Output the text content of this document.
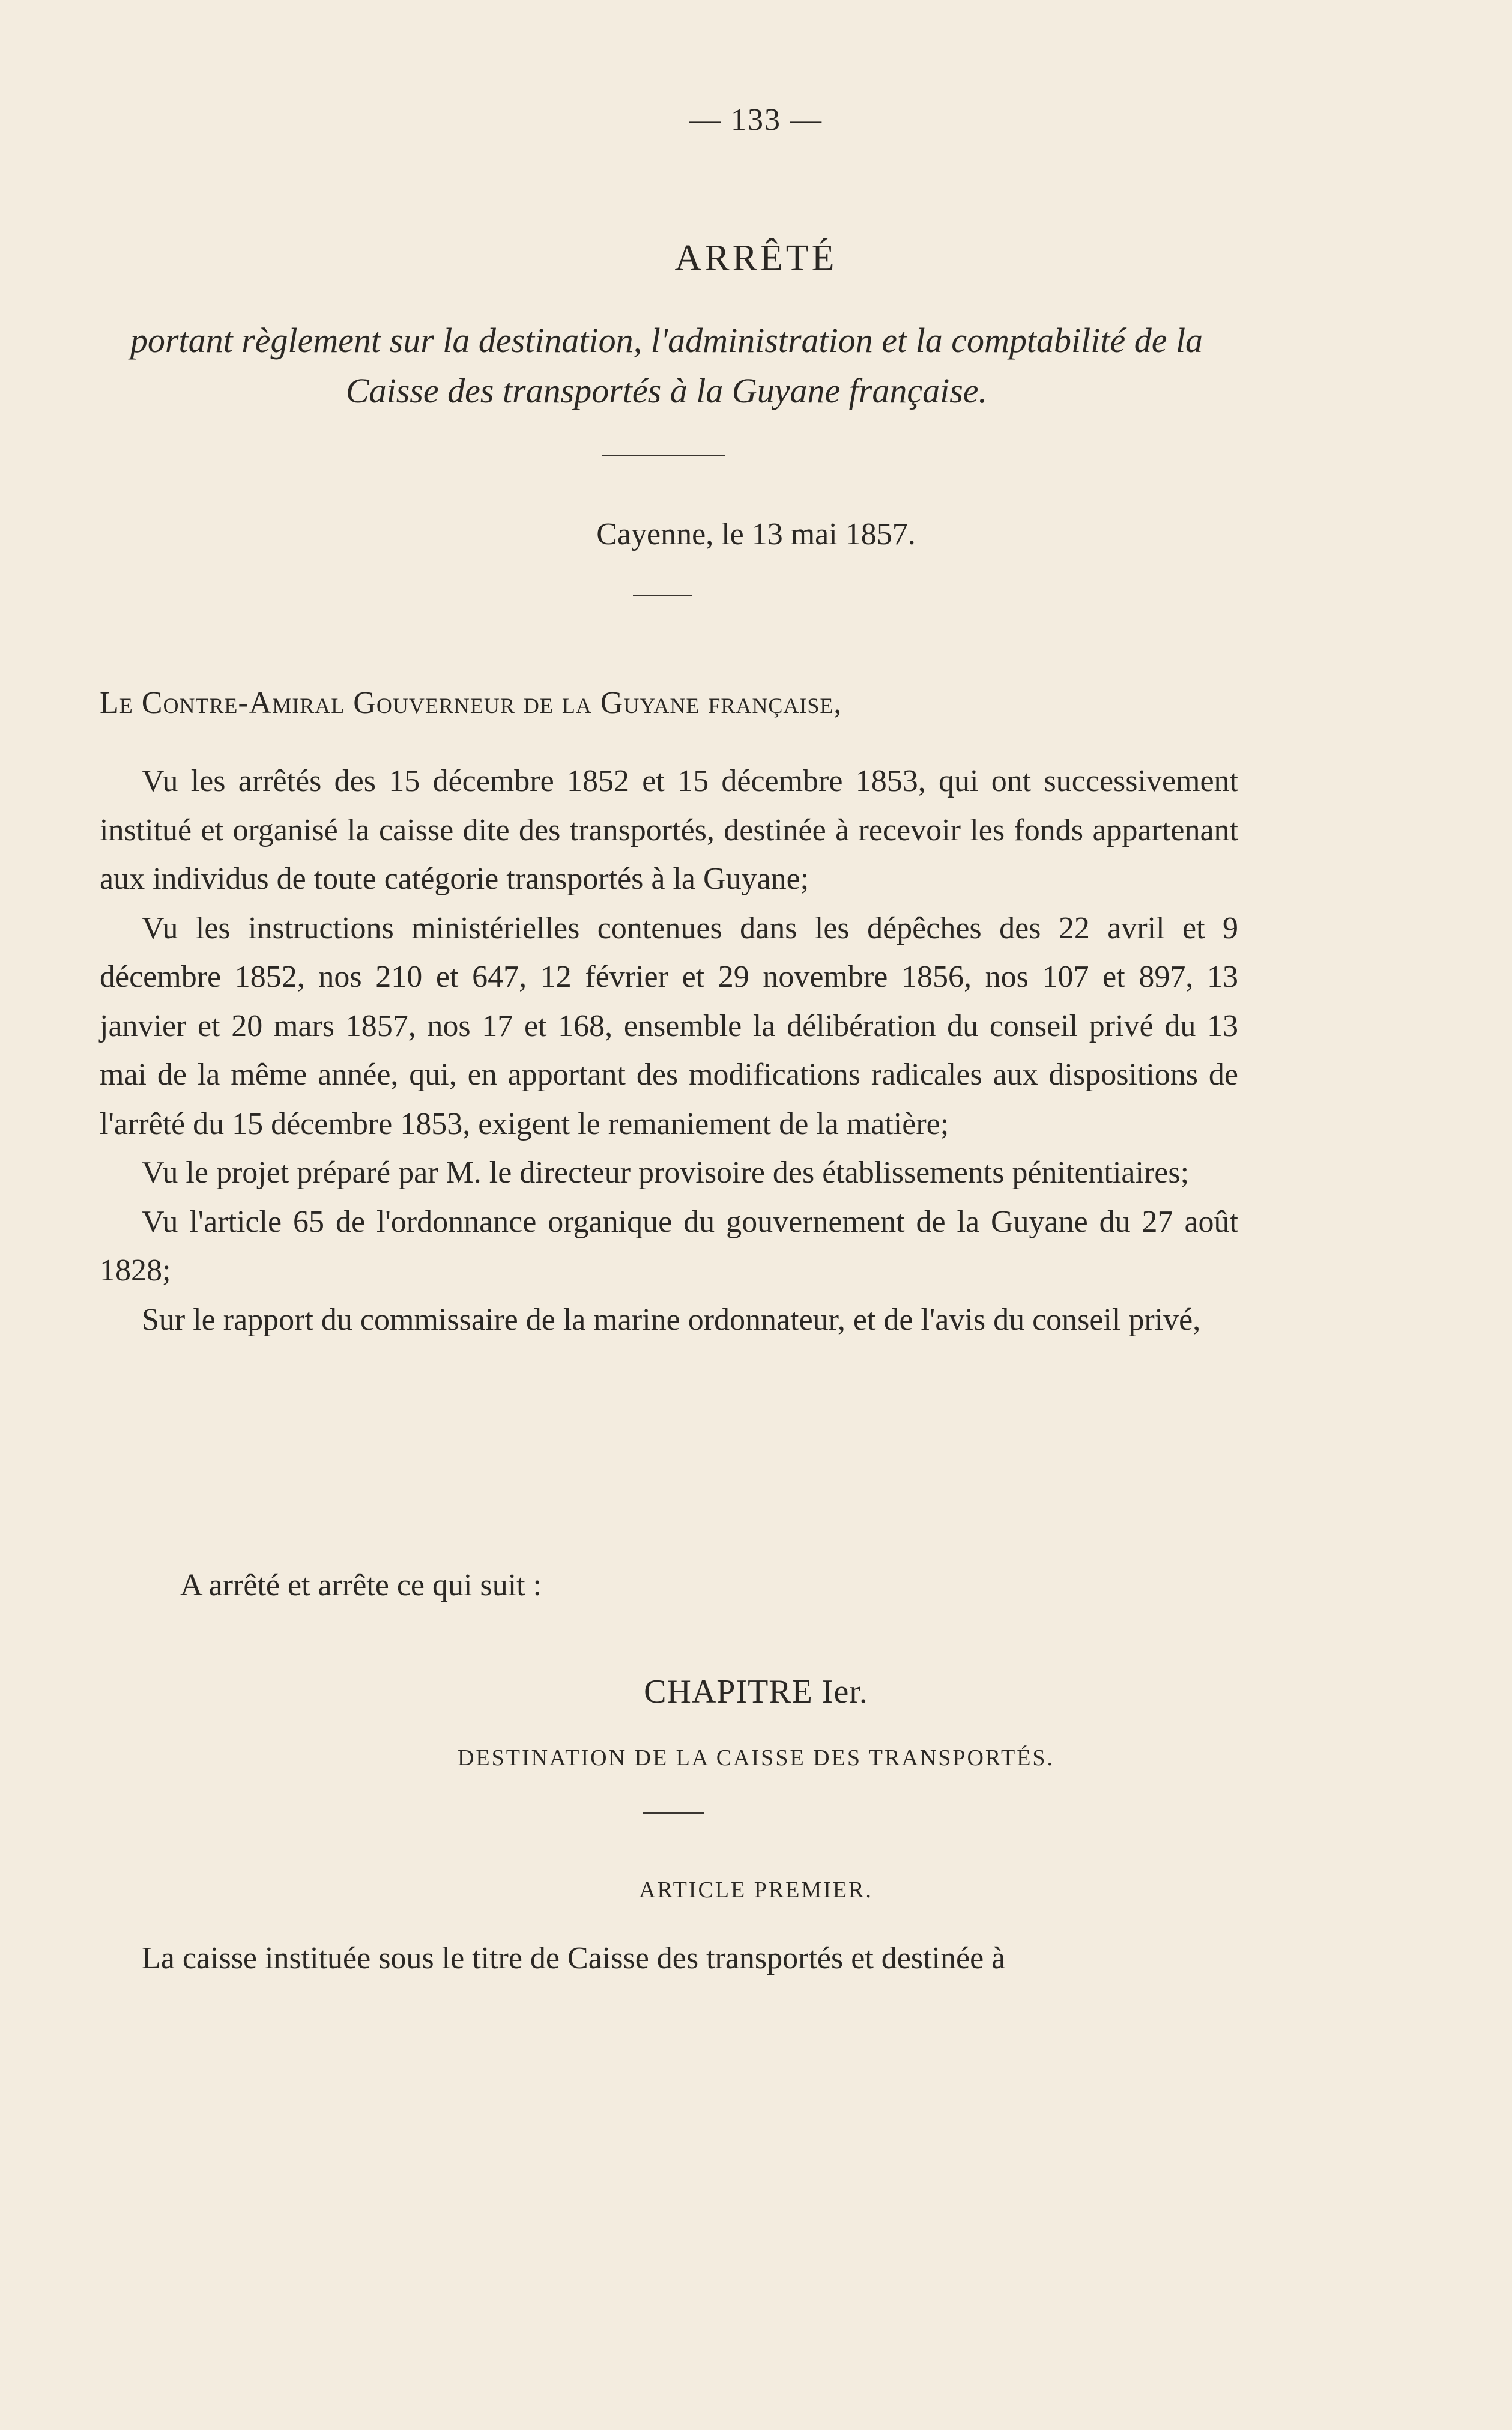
— 133 —
ARRÊTÉ
portant règlement sur la destination, l'administration et la comptabilité de la Caisse des transportés à la Guyane française.
Cayenne, le 13 mai 1857.
Le Contre-Amiral Gouverneur de la Guyane française,

Vu les arrêtés des 15 décembre 1852 et 15 décembre 1853, qui ont successivement institué et organisé la caisse dite des transportés, destinée à recevoir les fonds appartenant aux individus de toute catégorie transportés à la Guyane;

Vu les instructions ministérielles contenues dans les dépêches des 22 avril et 9 décembre 1852, nos 210 et 647, 12 février et 29 novembre 1856, nos 107 et 897, 13 janvier et 20 mars 1857, nos 17 et 168, ensemble la délibération du conseil privé du 13 mai de la même année, qui, en apportant des modifications radicales aux dispositions de l'arrêté du 15 décembre 1853, exigent le remaniement de la matière;

Vu le projet préparé par M. le directeur provisoire des établissements pénitentiaires;

Vu l'article 65 de l'ordonnance organique du gouvernement de la Guyane du 27 août 1828;

Sur le rapport du commissaire de la marine ordonnateur, et de l'avis du conseil privé,

A arrêté et arrête ce qui suit :
CHAPITRE Ier.
DESTINATION DE LA CAISSE DES TRANSPORTÉS.
ARTICLE PREMIER.

La caisse instituée sous le titre de Caisse des transportés et destinée à
